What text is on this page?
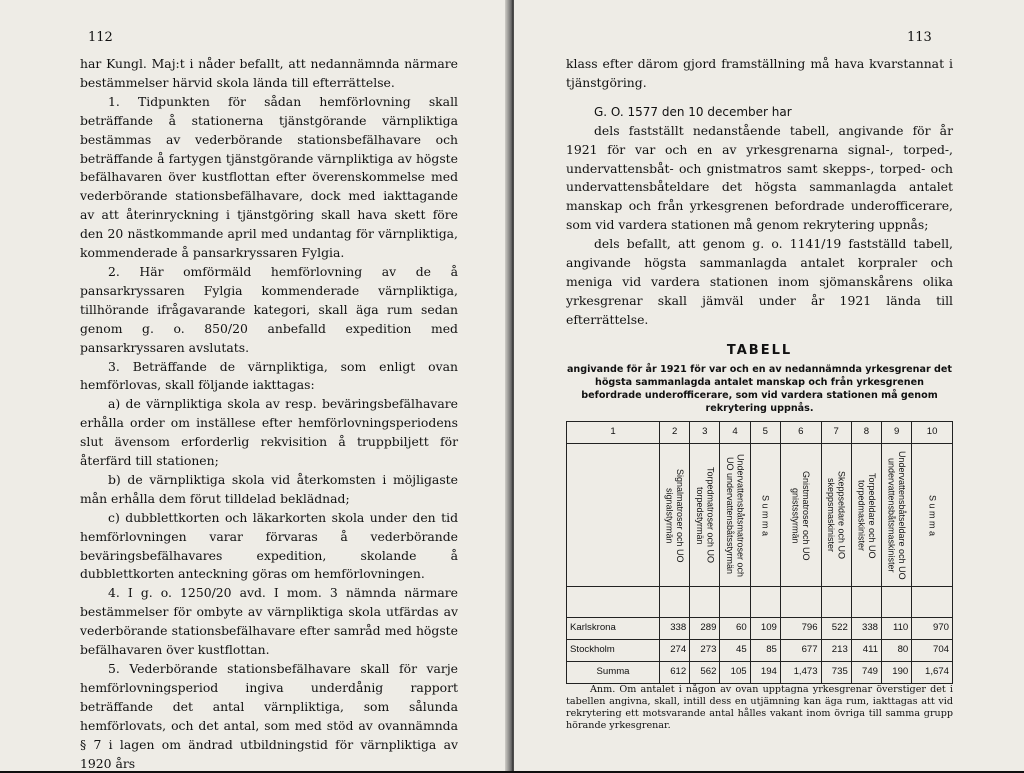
112

har Kungl. Maj:t i nåder befallt, att nedannämnda närmare bestämmelser härvid skola lända till efterrättelse.

1. Tidpunkten för sådan hemförlovning skall beträffande å stationerna tjänstgörande värnpliktiga bestämmas av vederbörande stationsbefälhavare och beträffande å fartygen tjänstgörande värnpliktiga av högste befälhavaren över kustflottan efter överenskommelse med vederbörande stationsbefälhavare, dock med iakttagande av att återinryckning i tjänstgöring skall hava skett före den 20 nästkommande april med undantag för värnpliktiga, kommenderade å pansarkryssaren Fylgia.

2. Här omförmäld hemförlovning av de å pansarkryssaren Fylgia kommenderade värnpliktiga, tillhörande ifrågavarande kategori, skall äga rum sedan genom g. o. 850/20 anbefalld expedition med pansarkryssaren avslutats.

3. Beträffande de värnpliktiga, som enligt ovan hemförlovas, skall följande iakttagas:

a) de värnpliktiga skola av resp. beväringsbefälhavare erhålla order om inställese efter hemförlovningsperiodens slut ävensom erforderlig rekvisition å truppbiljett för återfärd till stationen;

b) de värnpliktiga skola vid återkomsten i möjligaste mån erhålla dem förut tilldelad beklädnad;

c) dubblettkorten och läkarkorten skola under den tid hemförlovningen varar förvaras å vederbörande beväringsbefälhavares expedition, skolande å dubblettkorten anteckning göras om hemförlovningen.

4. I g. o. 1250/20 avd. I mom. 3 nämnda närmare bestämmelser för ombyte av värnpliktiga skola utfärdas av vederbörande stationsbefälhavare efter samråd med högste befälhavaren över kustflottan.

5. Vederbörande stationsbefälhavare skall för varje hemförlovningsperiod ingiva underdånig rapport beträffande det antal värnpliktiga, som sålunda hemförlovats, och det antal, som med stöd av ovannämnda § 7 i lagen om ändrad utbildningstid för värnpliktiga av 1920 års

113

klass efter därom gjord framställning må hava kvarstannat i tjänstgöring.

G. O. 1577 den 10 december har

dels fastställt nedanstående tabell, angivande för år 1921 för var och en av yrkesgrenarna signal-, torped-, undervattensbåt- och gnistmatros samt skepps-, torped- och undervattensbåteldare det högsta sammanlagda antalet manskap och från yrkesgrenen befordrade underofficerare, som vid vardera stationen må genom rekrytering uppnås;

dels befallt, att genom g. o. 1141/19 fastställd tabell, angivande högsta sammanlagda antalet korpraler och meniga vid vardera stationen inom sjömanskårens olika yrkesgrenar skall jämväl under år 1921 lända till efterrättelse.

TABELL
angivande för år 1921 för var och en av nedannämnda yrkesgrenar det högsta sammanlagda antalet manskap och från yrkesgrenen befordrade underofficerare, som vid vardera stationen må genom rekrytering uppnås.
1	2	3	4	5	6	7	8	9	10

	Signalmatroser och UO signalstyrmän	Torpedmatroser och UO torpedstyrmän	Undervattensbåtsmatroser och UO undervattensbåtsstyrmän	S u m m a	Gnistmatroser och UO gnistsstyrmän	Skeppseldare och UO skeppsmaskinister	Torpedeldare och UO torpedmaskinister	Undervattensbåtseldare och UO undervattensbåtsmaskinister	S u m m a

Karlskrona	338	289	60	109	796	522	338	110	970
Stockholm	274	273	45	85	677	213	411	80	704
Summa	612	562	105	194	1,473	735	749	190	1,674

Anm. Om antalet i någon av ovan upptagna yrkesgrenar överstiger det i tabellen angivna, skall, intill dess en utjämning kan äga rum, iakttagas att vid rekrytering ett motsvarande antal hålles vakant inom övriga till samma grupp hörande yrkesgrenar.
